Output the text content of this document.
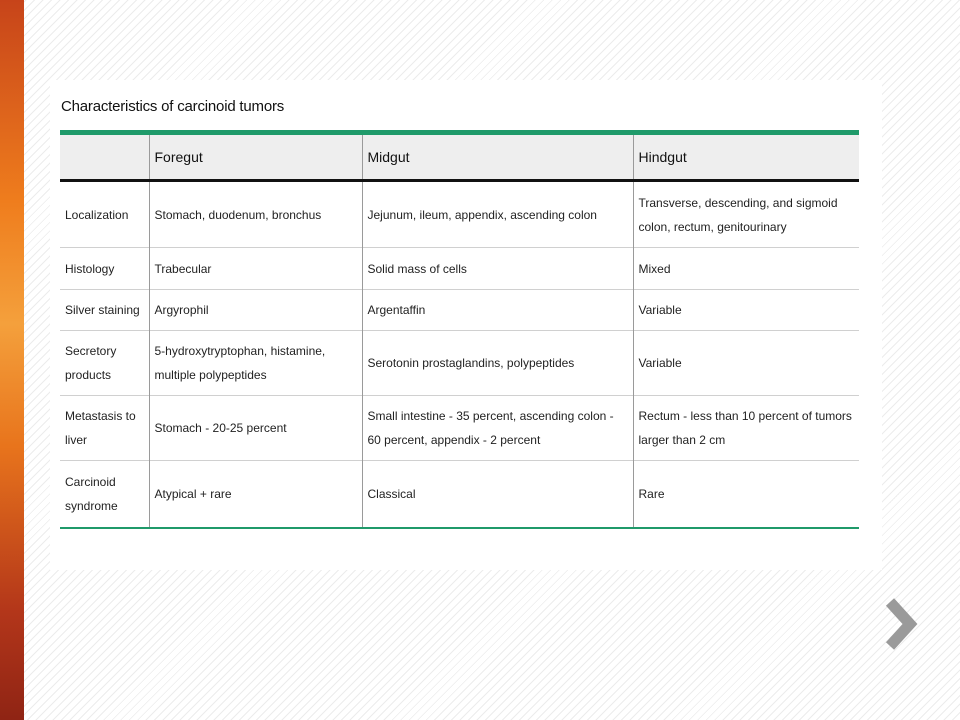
Characteristics of carcinoid tumors
	Foregut	Midgut	Hindgut
Localization	Stomach, duodenum, bronchus	Jejunum, ileum, appendix, ascending colon	Transverse, descending, and sigmoid colon, rectum, genitourinary
Histology	Trabecular	Solid mass of cells	Mixed
Silver staining	Argyrophil	Argentaffin	Variable
Secretory products	5-hydroxytryptophan, histamine, multiple polypeptides	Serotonin prostaglandins, polypeptides	Variable
Metastasis to liver	Stomach - 20-25 percent	Small intestine - 35 percent, ascending colon - 60 percent, appendix - 2 percent	Rectum - less than 10 percent of tumors larger than 2 cm
Carcinoid syndrome	Atypical + rare	Classical	Rare
